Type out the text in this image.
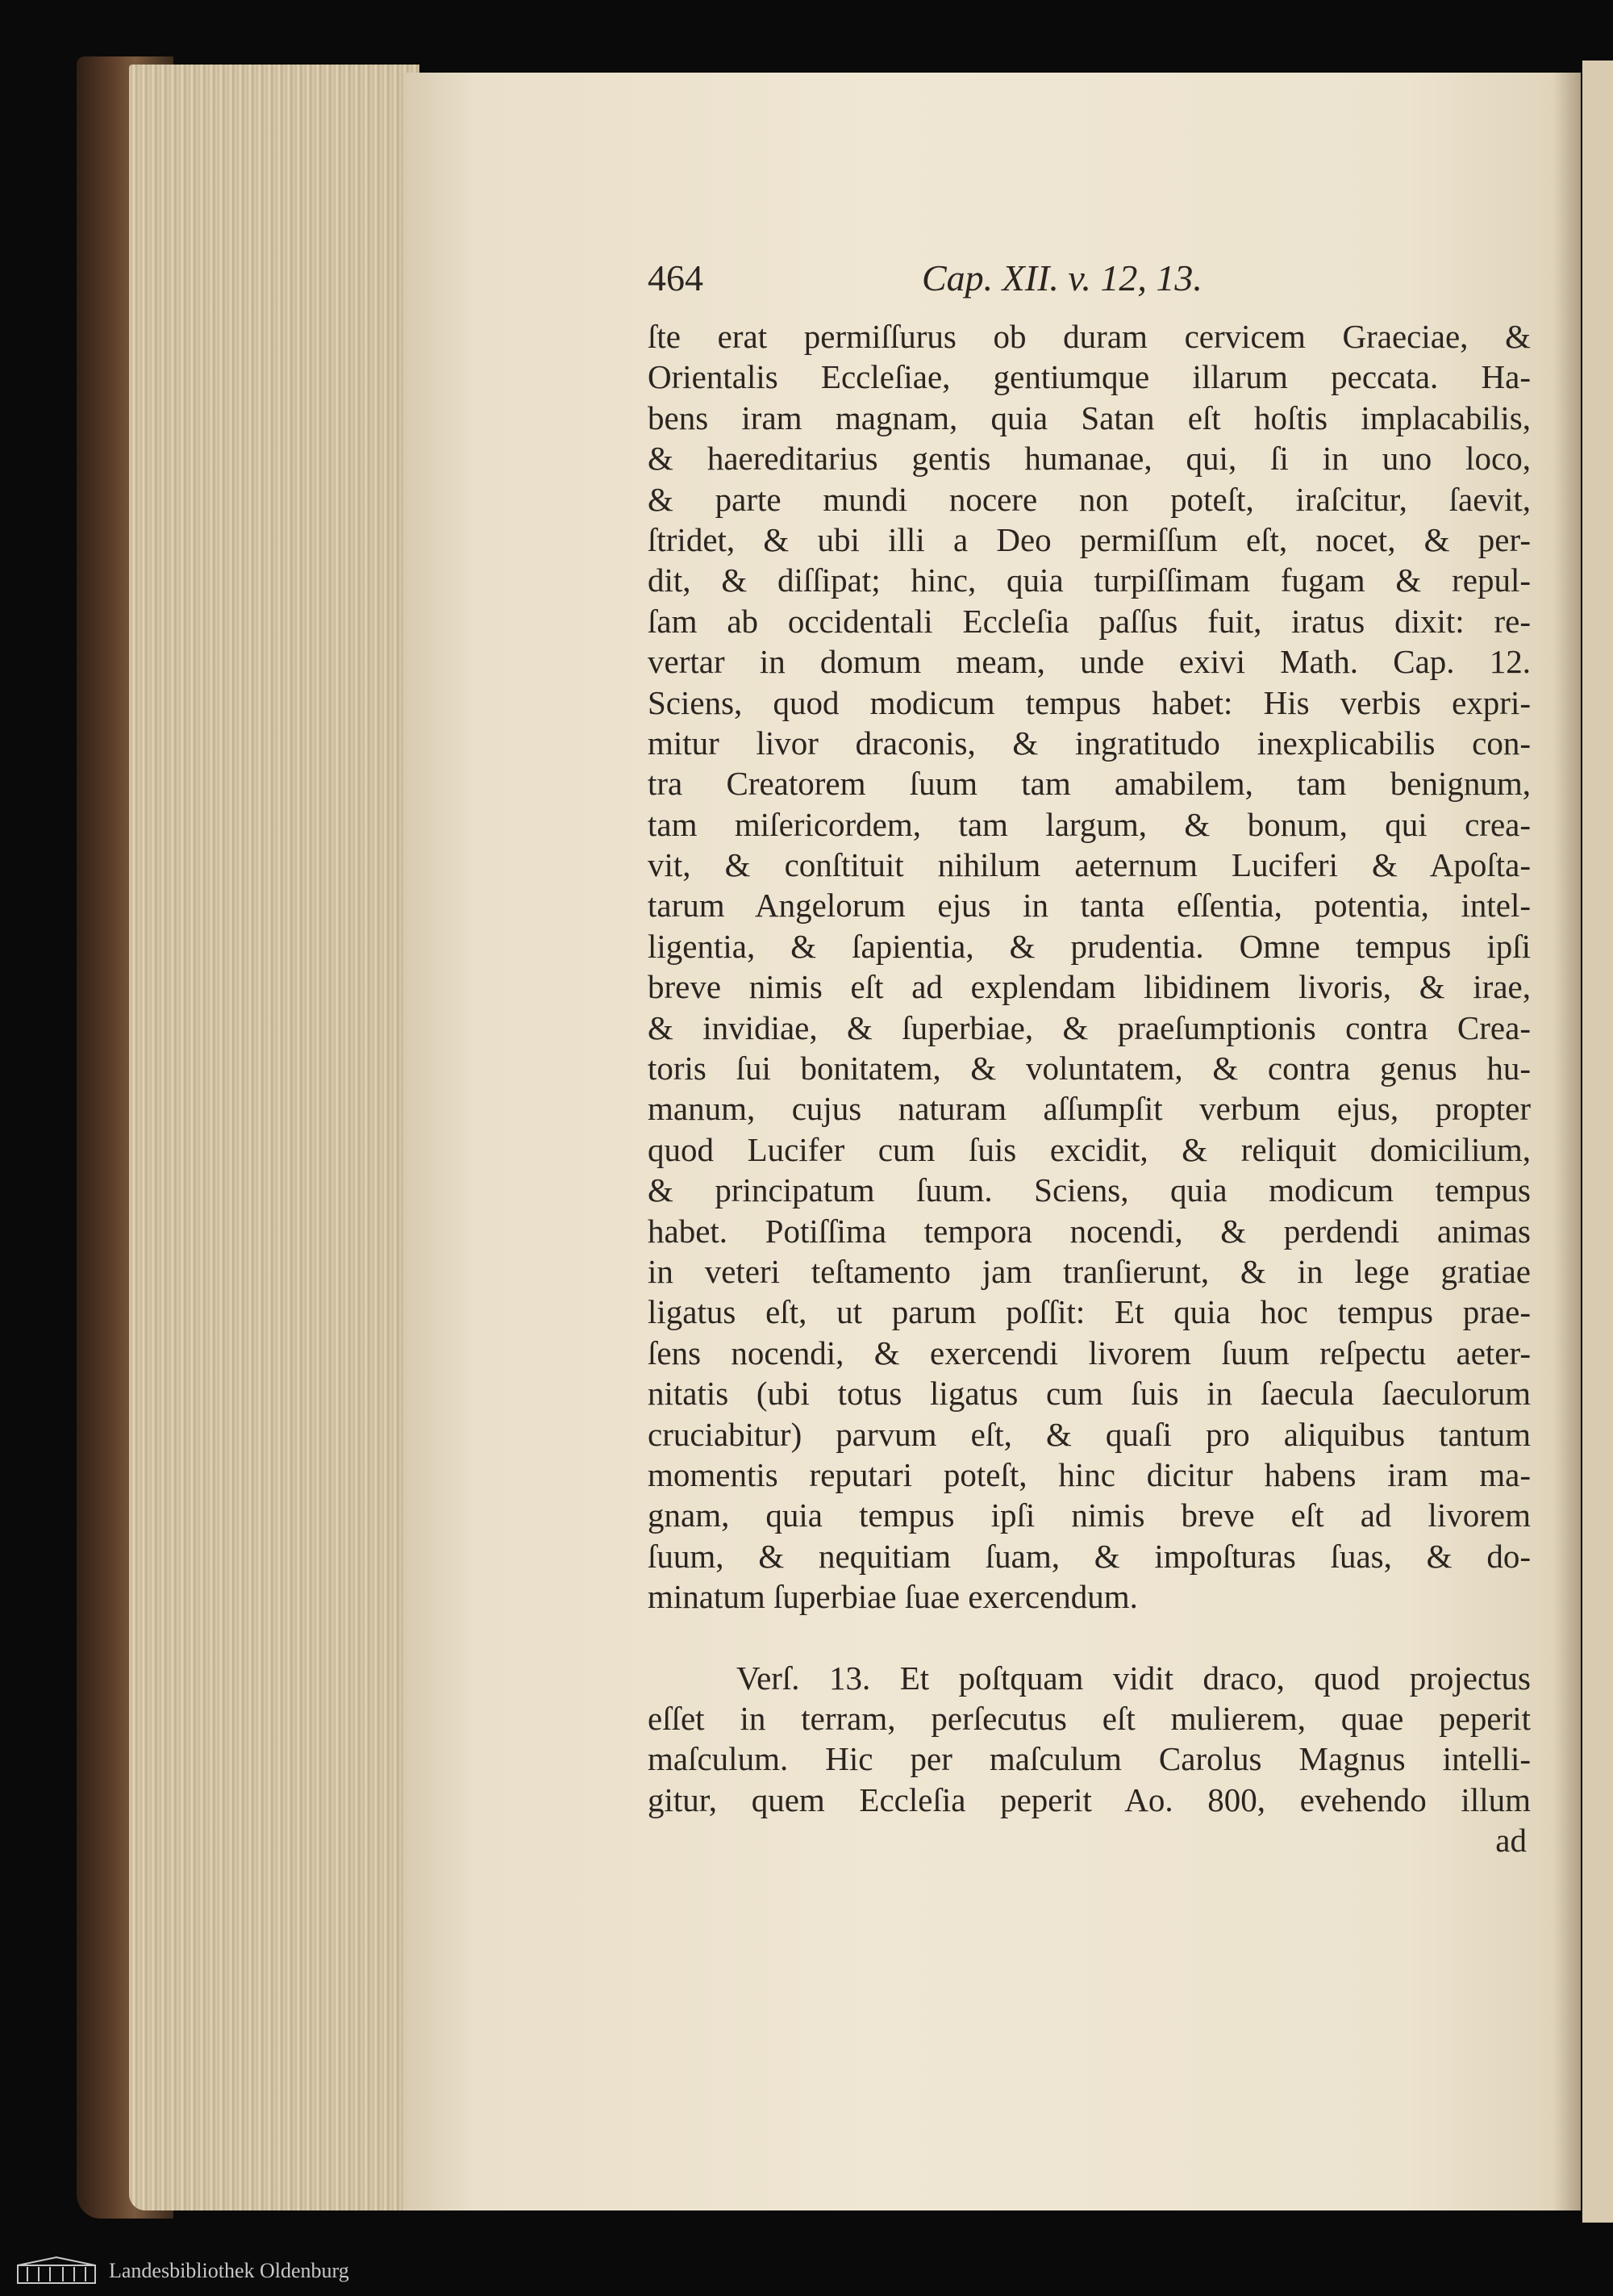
464	Cap. XII. v. 12, 13.
ſte erat permiſſurus ob duram cervicem Graeciae, &
Orientalis Eccleſiae, gentiumque illarum peccata. Ha-
bens iram magnam, quia Satan eſt hoſtis implacabilis,
& haereditarius gentis humanae, qui, ſi in uno loco,
& parte mundi nocere non poteſt, iraſcitur, ſaevit,
ſtridet, & ubi illi a Deo permiſſum eſt, nocet, & per-
dit, & diſſipat; hinc, quia turpiſſimam fugam & repul-
ſam ab occidentali Eccleſia paſſus fuit, iratus dixit: re-
vertar in domum meam, unde exivi Math. Cap. 12.
Sciens, quod modicum tempus habet: His verbis expri-
mitur livor draconis, & ingratitudo inexplicabilis con-
tra Creatorem ſuum tam amabilem, tam benignum,
tam miſericordem, tam largum, & bonum, qui crea-
vit, & conſtituit nihilum aeternum Luciferi & Apoſta-
tarum Angelorum ejus in tanta eſſentia, potentia, intel-
ligentia, & ſapientia, & prudentia. Omne tempus ipſi
breve nimis eſt ad explendam libidinem livoris, & irae,
& invidiae, & ſuperbiae, & praeſumptionis contra Crea-
toris ſui bonitatem, & voluntatem, & contra genus hu-
manum, cujus naturam aſſumpſit verbum ejus, propter
quod Lucifer cum ſuis excidit, & reliquit domicilium,
& principatum ſuum. Sciens, quia modicum tempus
habet. Potiſſima tempora nocendi, & perdendi animas
in veteri teſtamento jam tranſierunt, & in lege gratiae
ligatus eſt, ut parum poſſit: Et quia hoc tempus prae-
ſens nocendi, & exercendi livorem ſuum reſpectu aeter-
nitatis (ubi totus ligatus cum ſuis in ſaecula ſaeculorum
cruciabitur) parvum eſt, & quaſi pro aliquibus tantum
momentis reputari poteſt, hinc dicitur habens iram ma-
gnam, quia tempus ipſi nimis breve eſt ad livorem
ſuum, & nequitiam ſuam, & impoſturas ſuas, & do-
minatum ſuperbiae ſuae exercendum.
Verſ. 13. Et poſtquam vidit draco, quod projectus
eſſet in terram, perſecutus eſt mulierem, quae peperit
maſculum. Hic per maſculum Carolus Magnus intelli-
gitur, quem Eccleſia peperit Ao. 800, evehendo illum
ad
Landesbibliothek Oldenburg
